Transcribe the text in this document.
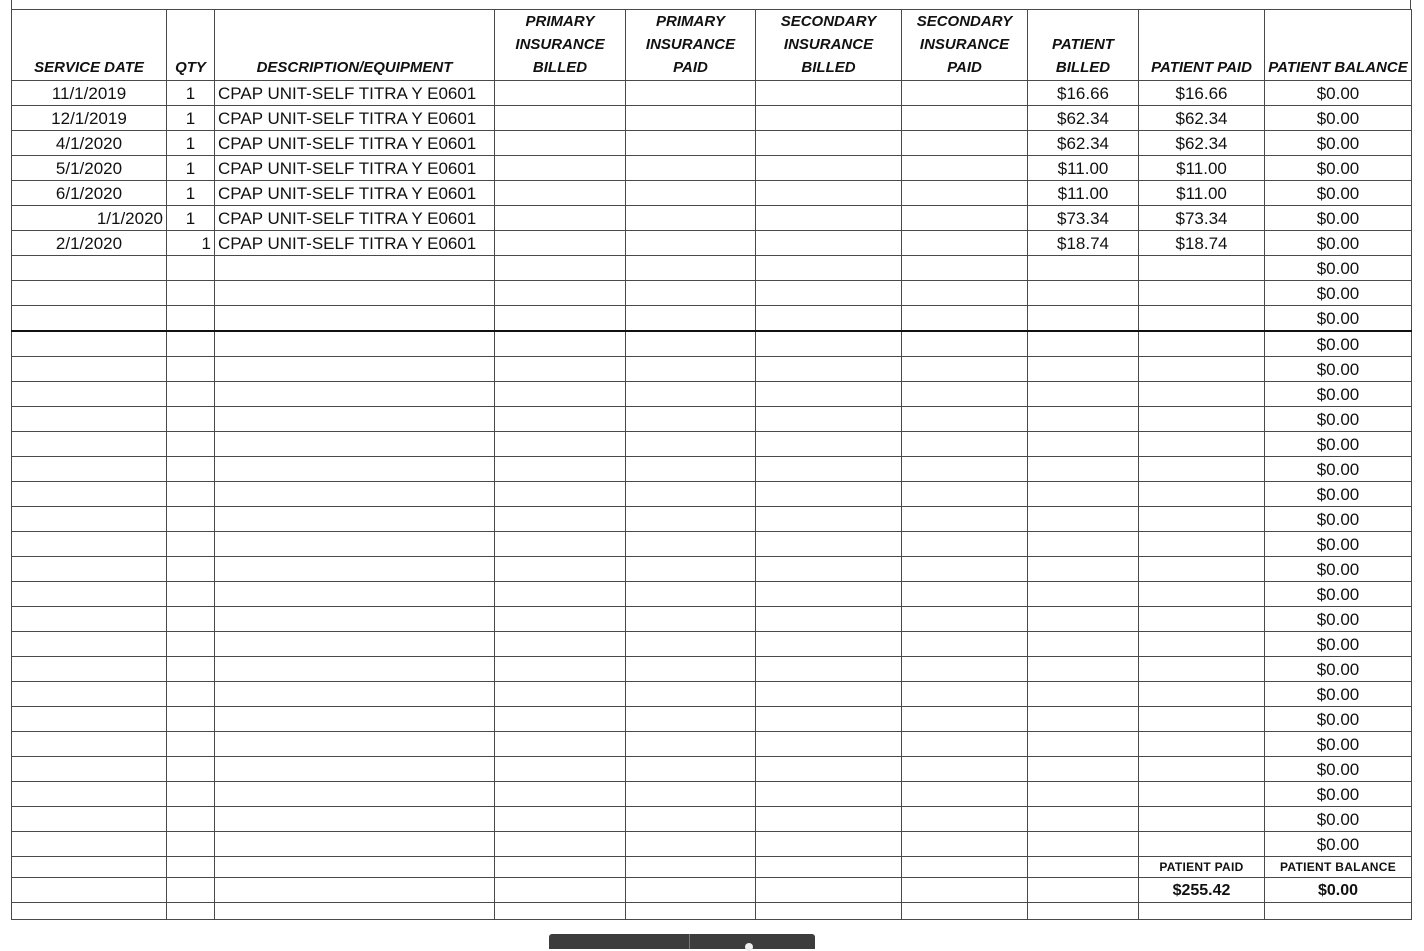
SERVICE DATE	QTY	DESCRIPTION/EQUIPMENT	PRIMARY INSURANCE BILLED	PRIMARY INSURANCE PAID	SECONDARY INSURANCE BILLED	SECONDARY INSURANCE PAID	PATIENT BILLED	PATIENT PAID	PATIENT BALANCE
11/1/2019	1	CPAP UNIT-SELF TITRA Y E0601					$16.66	$16.66	$0.00
12/1/2019	1	CPAP UNIT-SELF TITRA Y E0601					$62.34	$62.34	$0.00
4/1/2020	1	CPAP UNIT-SELF TITRA Y E0601					$62.34	$62.34	$0.00
5/1/2020	1	CPAP UNIT-SELF TITRA Y E0601					$11.00	$11.00	$0.00
6/1/2020	1	CPAP UNIT-SELF TITRA Y E0601					$11.00	$11.00	$0.00
1/1/2020	1	CPAP UNIT-SELF TITRA Y E0601					$73.34	$73.34	$0.00
2/1/2020	1	CPAP UNIT-SELF TITRA Y E0601					$18.74	$18.74	$0.00
									$0.00
									$0.00
									$0.00
									$0.00
									$0.00
									$0.00
									$0.00
									$0.00
									$0.00
									$0.00
									$0.00
									$0.00
									$0.00
									$0.00
									$0.00
									$0.00
									$0.00
									$0.00
									$0.00
									$0.00
									$0.00
									$0.00
									$0.00
									$0.00
								PATIENT PAID	PATIENT BALANCE
								$255.42	$0.00
